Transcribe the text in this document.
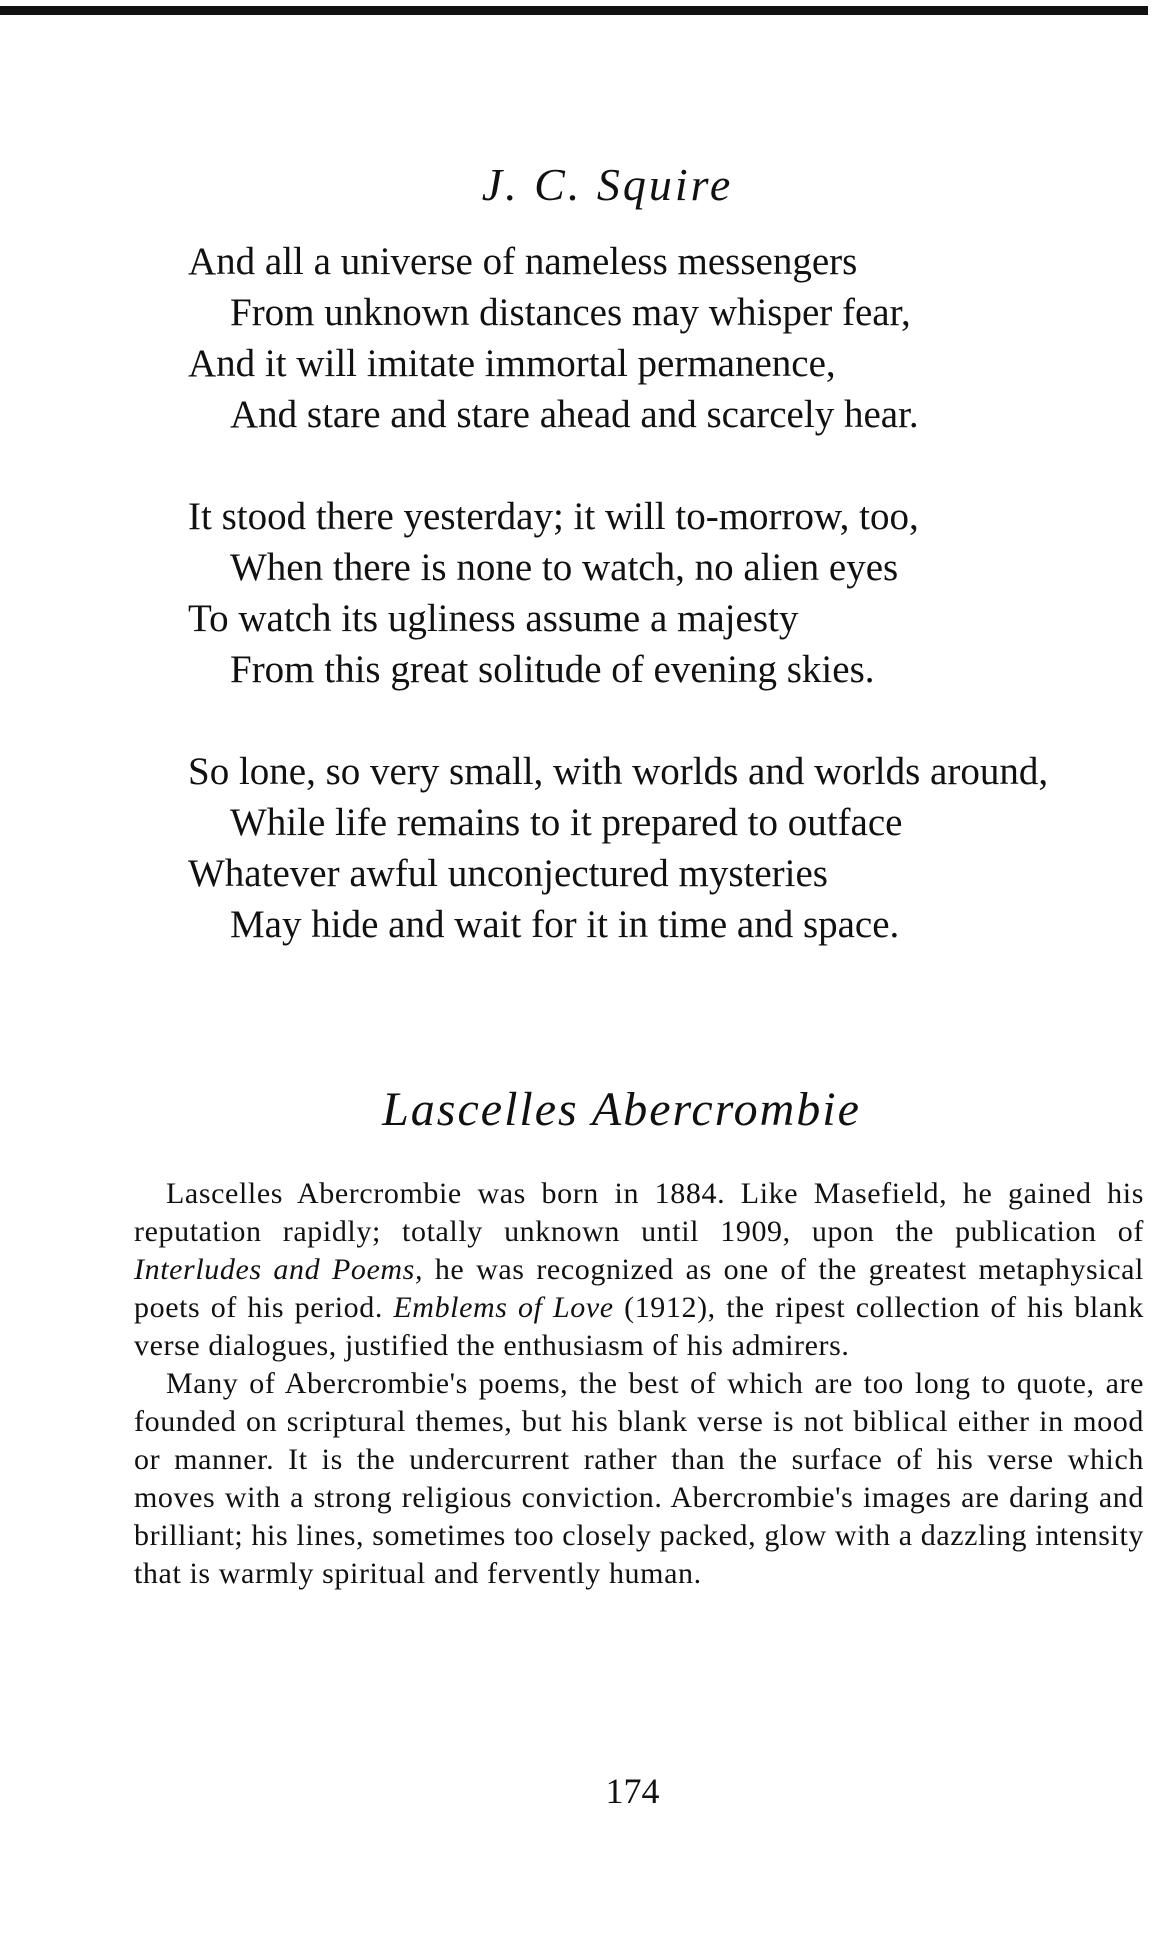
J. C. Squire
And all a universe of nameless messengers
From unknown distances may whisper fear,
And it will imitate immortal permanence,
And stare and stare ahead and scarcely hear.
It stood there yesterday; it will to-morrow, too,
When there is none to watch, no alien eyes
To watch its ugliness assume a majesty
From this great solitude of evening skies.
So lone, so very small, with worlds and worlds around,
While life remains to it prepared to outface
Whatever awful unconjectured mysteries
May hide and wait for it in time and space.
Lascelles Abercrombie

Lascelles Abercrombie was born in 1884. Like Masefield, he gained his reputation rapidly; totally unknown until 1909, upon the publication of Interludes and Poems, he was recognized as one of the greatest metaphysical poets of his period. Emblems of Love (1912), the ripest collection of his blank verse dialogues, justified the enthusiasm of his admirers.

Many of Abercrombie's poems, the best of which are too long to quote, are founded on scriptural themes, but his blank verse is not biblical either in mood or manner. It is the undercurrent rather than the surface of his verse which moves with a strong religious conviction. Abercrombie's images are daring and brilliant; his lines, sometimes too closely packed, glow with a dazzling intensity that is warmly spiritual and fervently human.

174
